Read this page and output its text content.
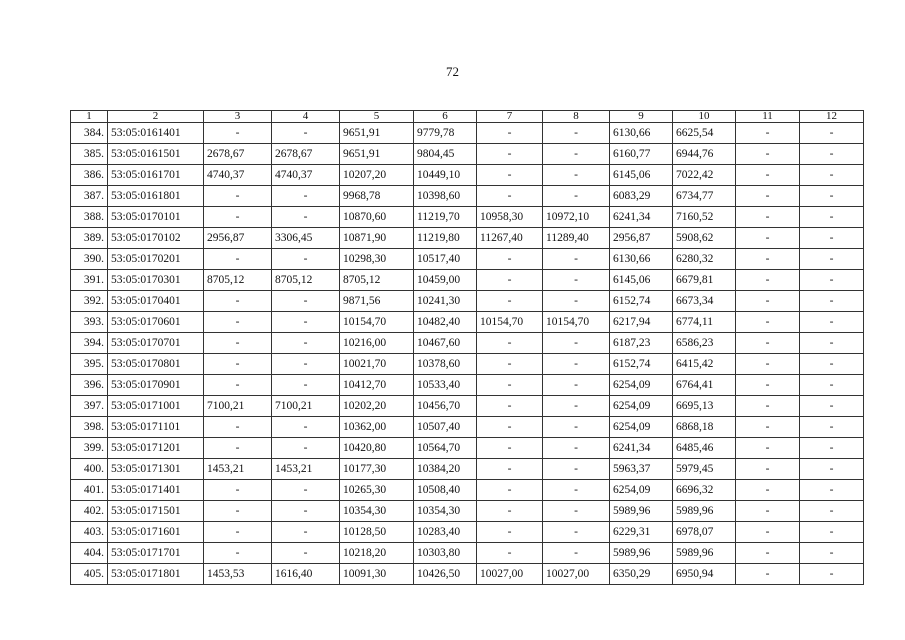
72
1	2	3	4	5	6	7	8	9	10	11	12
384.	53:05:0161401	-	-	9651,91	9779,78	-	-	6130,66	6625,54	-	-
385.	53:05:0161501	2678,67	2678,67	9651,91	9804,45	-	-	6160,77	6944,76	-	-
386.	53:05:0161701	4740,37	4740,37	10207,20	10449,10	-	-	6145,06	7022,42	-	-
387.	53:05:0161801	-	-	9968,78	10398,60	-	-	6083,29	6734,77	-	-
388.	53:05:0170101	-	-	10870,60	11219,70	10958,30	10972,10	6241,34	7160,52	-	-
389.	53:05:0170102	2956,87	3306,45	10871,90	11219,80	11267,40	11289,40	2956,87	5908,62	-	-
390.	53:05:0170201	-	-	10298,30	10517,40	-	-	6130,66	6280,32	-	-
391.	53:05:0170301	8705,12	8705,12	8705,12	10459,00	-	-	6145,06	6679,81	-	-
392.	53:05:0170401	-	-	9871,56	10241,30	-	-	6152,74	6673,34	-	-
393.	53:05:0170601	-	-	10154,70	10482,40	10154,70	10154,70	6217,94	6774,11	-	-
394.	53:05:0170701	-	-	10216,00	10467,60	-	-	6187,23	6586,23	-	-
395.	53:05:0170801	-	-	10021,70	10378,60	-	-	6152,74	6415,42	-	-
396.	53:05:0170901	-	-	10412,70	10533,40	-	-	6254,09	6764,41	-	-
397.	53:05:0171001	7100,21	7100,21	10202,20	10456,70	-	-	6254,09	6695,13	-	-
398.	53:05:0171101	-	-	10362,00	10507,40	-	-	6254,09	6868,18	-	-
399.	53:05:0171201	-	-	10420,80	10564,70	-	-	6241,34	6485,46	-	-
400.	53:05:0171301	1453,21	1453,21	10177,30	10384,20	-	-	5963,37	5979,45	-	-
401.	53:05:0171401	-	-	10265,30	10508,40	-	-	6254,09	6696,32	-	-
402.	53:05:0171501	-	-	10354,30	10354,30	-	-	5989,96	5989,96	-	-
403.	53:05:0171601	-	-	10128,50	10283,40	-	-	6229,31	6978,07	-	-
404.	53:05:0171701	-	-	10218,20	10303,80	-	-	5989,96	5989,96	-	-
405.	53:05:0171801	1453,53	1616,40	10091,30	10426,50	10027,00	10027,00	6350,29	6950,94	-	-
